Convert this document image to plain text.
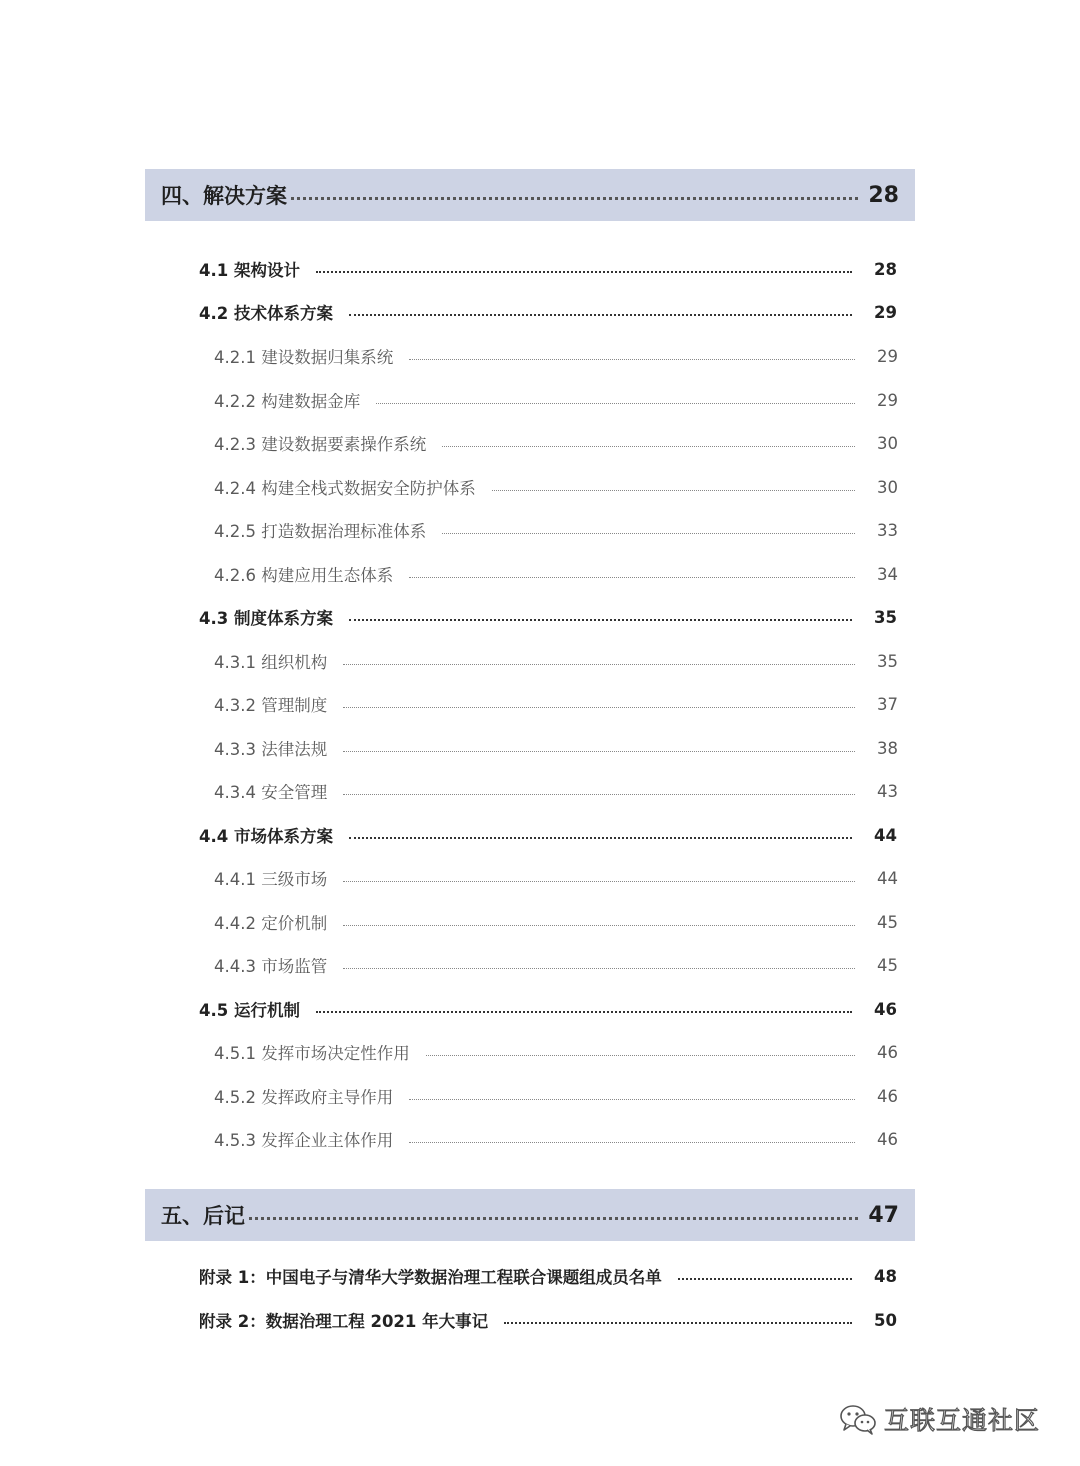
四、解决方案	28
4.1 架构设计	28
4.2 技术体系方案	29
4.2.1 建设数据归集系统	29
4.2.2 构建数据金库	29
4.2.3 建设数据要素操作系统	30
4.2.4 构建全栈式数据安全防护体系	30
4.2.5 打造数据治理标准体系	33
4.2.6 构建应用生态体系	34
4.3 制度体系方案	35
4.3.1 组织机构	35
4.3.2 管理制度	37
4.3.3 法律法规	38
4.3.4 安全管理	43
4.4 市场体系方案	44
4.4.1 三级市场	44
4.4.2 定价机制	45
4.4.3 市场监管	45
4.5 运行机制	46
4.5.1 发挥市场决定性作用	46
4.5.2 发挥政府主导作用	46
4.5.3 发挥企业主体作用	46
五、后记	47
附录 1：中国电子与清华大学数据治理工程联合课题组成员名单	48
附录 2：数据治理工程 2021 年大事记	50
互联互通社区
